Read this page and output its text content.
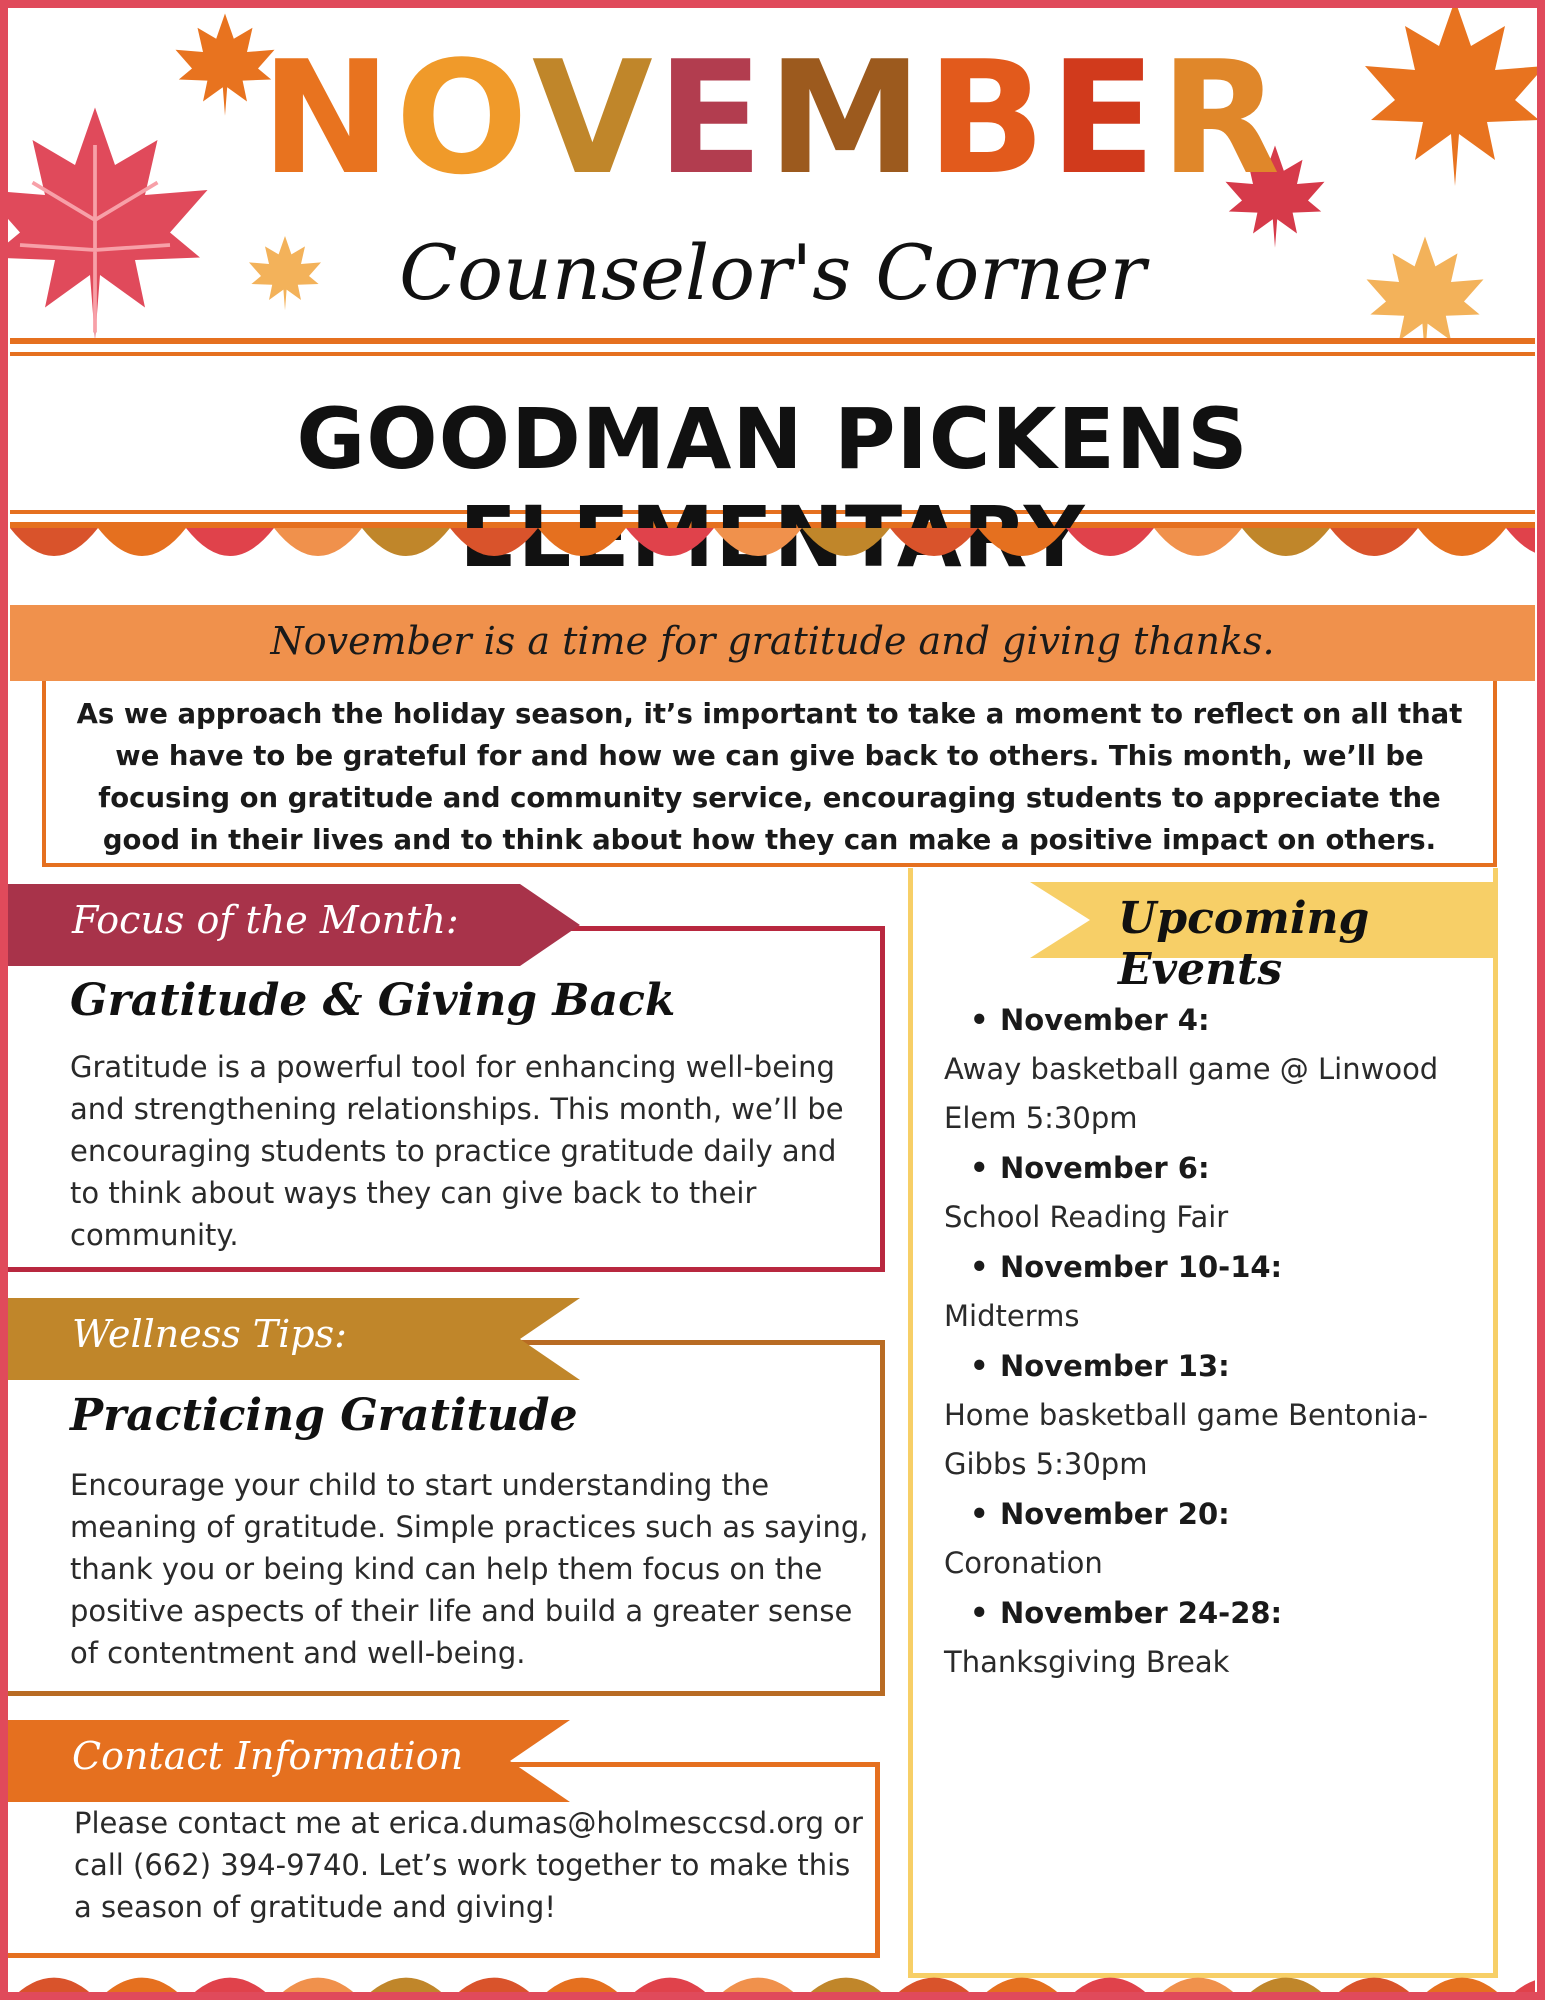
NOVEMBER
Counselor's Corner
GOODMAN PICKENS
November is a time for gratitude and giving thanks.
As we approach the holiday season, it’s important to take a moment to reflect on all that we have to be grateful for and how we can give back to others. This month, we’ll be focusing on gratitude and community service, encouraging students to appreciate the good in their lives and to think about how they can make a positive impact on others.
Focus of the Month:
Gratitude & Giving Back
Gratitude is a powerful tool for enhancing well-being and strengthening relationships. This month, we’ll be encouraging students to practice gratitude daily and to think about ways they can give back to their community.
Wellness Tips:
Practicing Gratitude
Encourage your child to start understanding the meaning of gratitude. Simple practices such as saying, thank you or being kind can help them focus on the positive aspects of their life and build a greater sense of contentment and well-being.
Contact Information
Please contact me at erica.dumas@holmesccsd.org or call (662) 394-9740. Let’s work together to make this a season of gratitude and giving!
Upcoming Events
• November 4:
Away basketball game @ Linwood Elem 5:30pm
• November 6:
School Reading Fair
• November 10-14:
Midterms
• November 13:
Home basketball game Bentonia-Gibbs 5:30pm
• November 20:
Coronation
• November 24-28:
Thanksgiving Break
